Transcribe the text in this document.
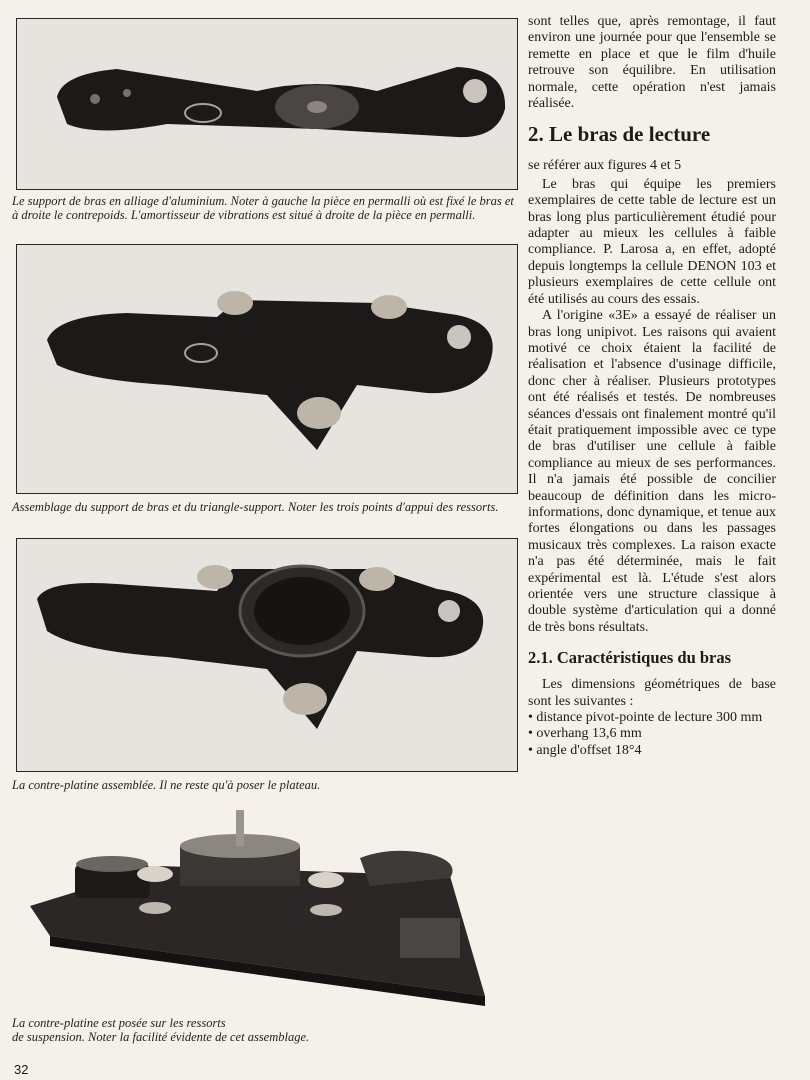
Le support de bras en alliage d'aluminium. Noter à gauche la pièce en permalli où est fixé le bras et à droite le contrepoids. L'amortisseur de vibrations est situé à droite de la pièce en permalli.
Assemblage du support de bras et du triangle-support. Noter les trois points d'appui des ressorts.
La contre-platine assemblée. Il ne reste qu'à poser le plateau.
La contre-platine est posée sur les ressorts
de suspension. Noter la facilité évidente de cet assemblage.

sont telles que, après remontage, il faut environ une journée pour que l'ensemble se remette en place et que le film d'huile retrouve son équilibre. En utilisation normale, cette opération n'est jamais réalisée.

2. Le bras de lecture

se référer aux figures 4 et 5

Le bras qui équipe les premiers exemplaires de cette table de lecture est un bras long plus particulièrement étudié pour adapter au mieux les cellules à faible compliance. P. Larosa a, en effet, adopté depuis longtemps la cellule DENON 103 et plusieurs exemplaires de cette cellule ont été utilisés au cours des essais.

A l'origine «3E» a essayé de réaliser un bras long unipivot. Les raisons qui avaient motivé ce choix étaient la facilité de réalisation et l'absence d'usinage difficile, donc cher à réaliser. Plusieurs prototypes ont été réalisés et testés. De nombreuses séances d'essais ont finalement montré qu'il était pratiquement impossible avec ce type de bras d'utiliser une cellule à faible compliance au mieux de ses performances. Il n'a jamais été possible de concilier beaucoup de définition dans les micro-informations, donc dynamique, et tenue aux fortes élongations ou dans les passages musicaux très complexes. La raison exacte n'a pas été déterminée, mais le fait expérimental est là. L'étude s'est alors orientée vers une structure classique à double système d'articulation qui a donné de très bons résultats.

2.1. Caractéristiques du bras

Les dimensions géométriques de base sont les suivantes :

• distance pivot-pointe de lecture 300 mm
• overhang 13,6 mm
• angle d'offset 18°4
32
